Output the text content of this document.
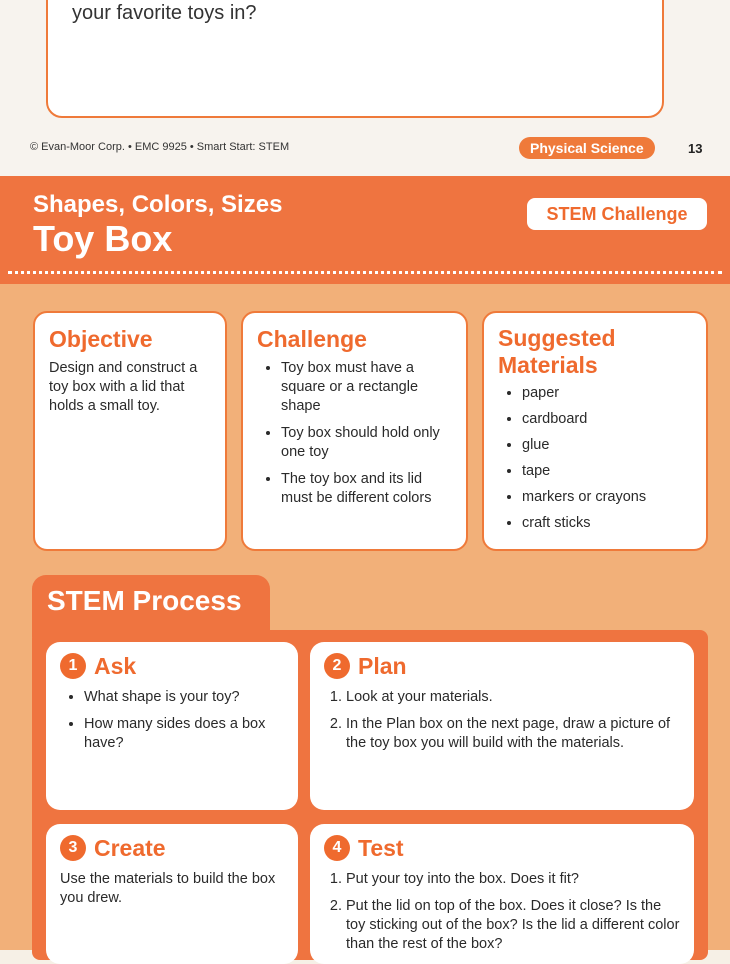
your favorite toys in?
© Evan-Moor Corp. • EMC 9925 • Smart Start: STEM	Physical Science	13
Shapes, Colors, Sizes
Toy Box
STEM Challenge
Objective

Design and construct a toy box with a lid that holds a small toy.

Challenge
• Toy box must have a square or a rectangle shape
• Toy box should hold only one toy
• The toy box and its lid must be different colors
Suggested
Materials
• paper
• cardboard
• glue
• tape
• markers or crayons
• craft sticks
STEM Process
1 Ask
• What shape is your toy?
• How many sides does a box have?
2 Plan
1. Look at your materials.
2. In the Plan box on the next page, draw a picture of the toy box you will build with the materials.
3 Create

Use the materials to build the box you drew.

4 Test
1. Put your toy into the box. Does it fit?
2. Put the lid on top of the box. Does it close? Is the toy sticking out of the box? Is the lid a different color than the rest of the box?
